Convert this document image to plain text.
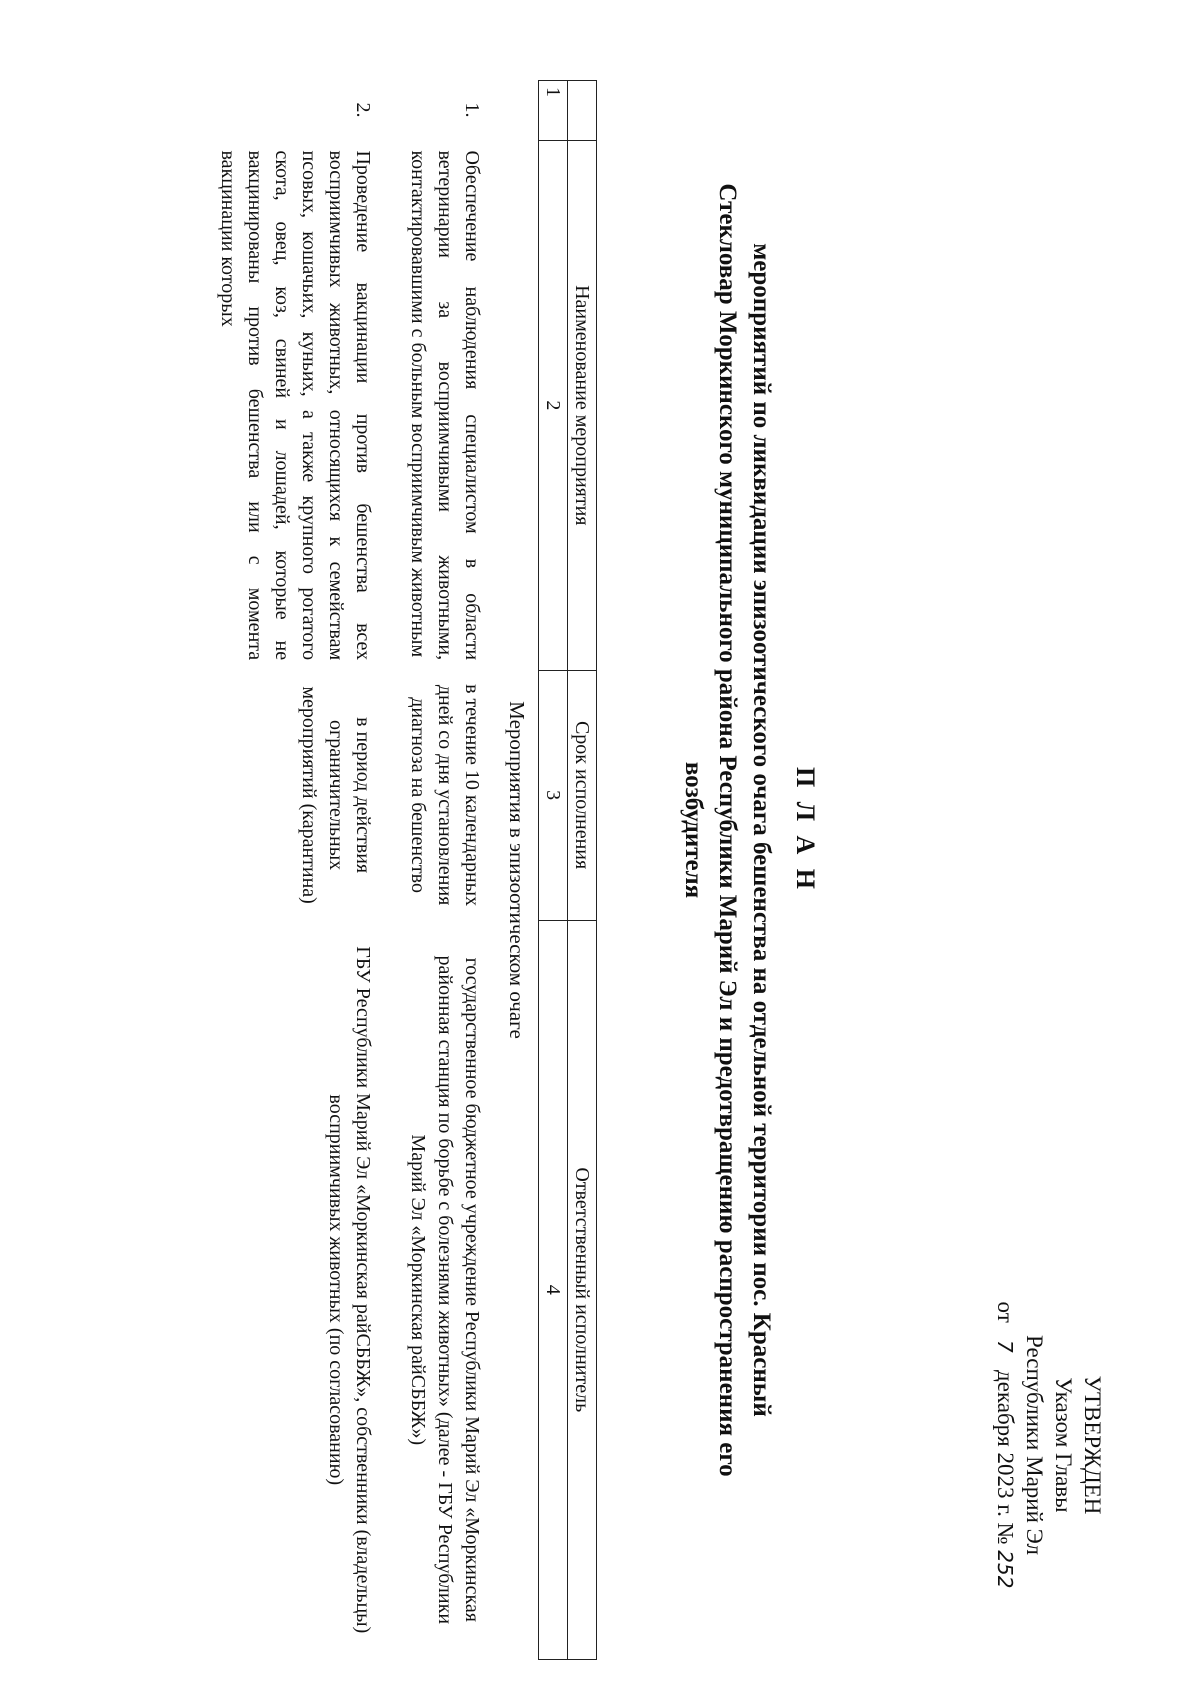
УТВЕРЖДЕН
Указом Главы
Республики Марий Эл
от   7   декабря 2023 г. № 252

П Л А Н

мероприятий по ликвидации эпизоотического очага бешенства на отдельной территории пос. Красный Стекловар Моркинского муниципального района Республики Марий Эл и предотвращению распространения его возбудителя

	Наименование мероприятия	Срок исполнения	Ответственный исполнитель
1	2	3	4
Мероприятия в эпизоотическом очаге			
1.	Обеспечение наблюдения специалистом в области ветеринарии за восприимчивыми животными, контактировавшими с больным восприимчивым животным	в течение 10 календарных дней со дня установления диагноза на бешенство	государственное бюджетное учреждение Республики Марий Эл «Моркинская районная станция по борьбе с болезнями животных» (далее - ГБУ Республики Марий Эл «Моркинская райСББЖ»)
2.	Проведение вакцинации против бешенства всех восприимчивых животных, относящихся к семействам псовых, кошачьих, куньих, а также крупного рогатого скота, овец, коз, свиней и лошадей, которые не вакцинированы против бешенства или с момента вакцинации которых	в период действия ограничительных мероприятий (карантина)	ГБУ Республики Марий Эл «Моркинская райСББЖ», собственники (владельцы) восприимчивых животных (по согласованию)
